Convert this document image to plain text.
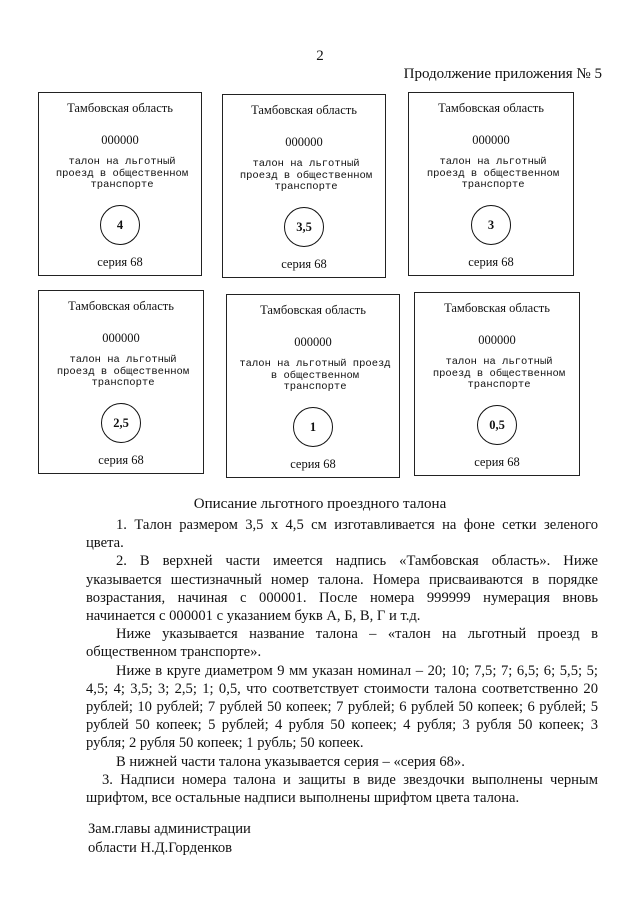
2
Продолжение приложения № 5
Тамбовская область
000000
талон на льготный проезд в общественном транспорте
4
серия 68
Тамбовская область
000000
талон на льготный проезд в общественном транспорте
3,5
серия 68
Тамбовская область
000000
талон на льготный проезд в общественном транспорте
3
серия 68
Тамбовская область
000000
талон на льготный проезд в общественном транспорте
2,5
серия 68
Тамбовская область
000000
талон на льготный проезд в общественном транспорте
1
серия 68
Тамбовская область
000000
талон на льготный проезд в общественном транспорте
0,5
серия 68
Описание льготного проездного талона

1. Талон размером 3,5 х 4,5 см изготавливается на фоне сетки зеленого цвета.

2. В верхней части имеется надпись «Тамбовская область». Ниже указывается шестизначный номер талона. Номера присваиваются в порядке возрастания, начиная с 000001. После номера 999999 нумерация вновь начинается с 000001 с указанием букв А, Б, В, Г и т.д.

Ниже указывается название талона – «талон на льготный проезд в общественном транспорте».

Ниже в круге диаметром 9 мм указан номинал – 20; 10; 7,5; 7; 6,5; 6; 5,5; 5; 4,5; 4; 3,5; 3; 2,5; 1; 0,5, что соответствует стоимости талона соответственно 20 рублей; 10 рублей; 7 рублей 50 копеек; 7 рублей; 6 рублей 50 копеек; 6 рублей; 5 рублей 50 копеек; 5 рублей; 4 рубля 50 копеек; 4 рубля; 3 рубля 50 копеек; 3 рубля; 2 рубля 50 копеек; 1 рубль; 50 копеек.

В нижней части талона указывается серия – «серия 68».

3. Надписи номера талона и защиты в виде звездочки выполнены черным шрифтом, все остальные надписи выполнены шрифтом цвета талона.

Зам.главы администрации
области Н.Д.Горденков
